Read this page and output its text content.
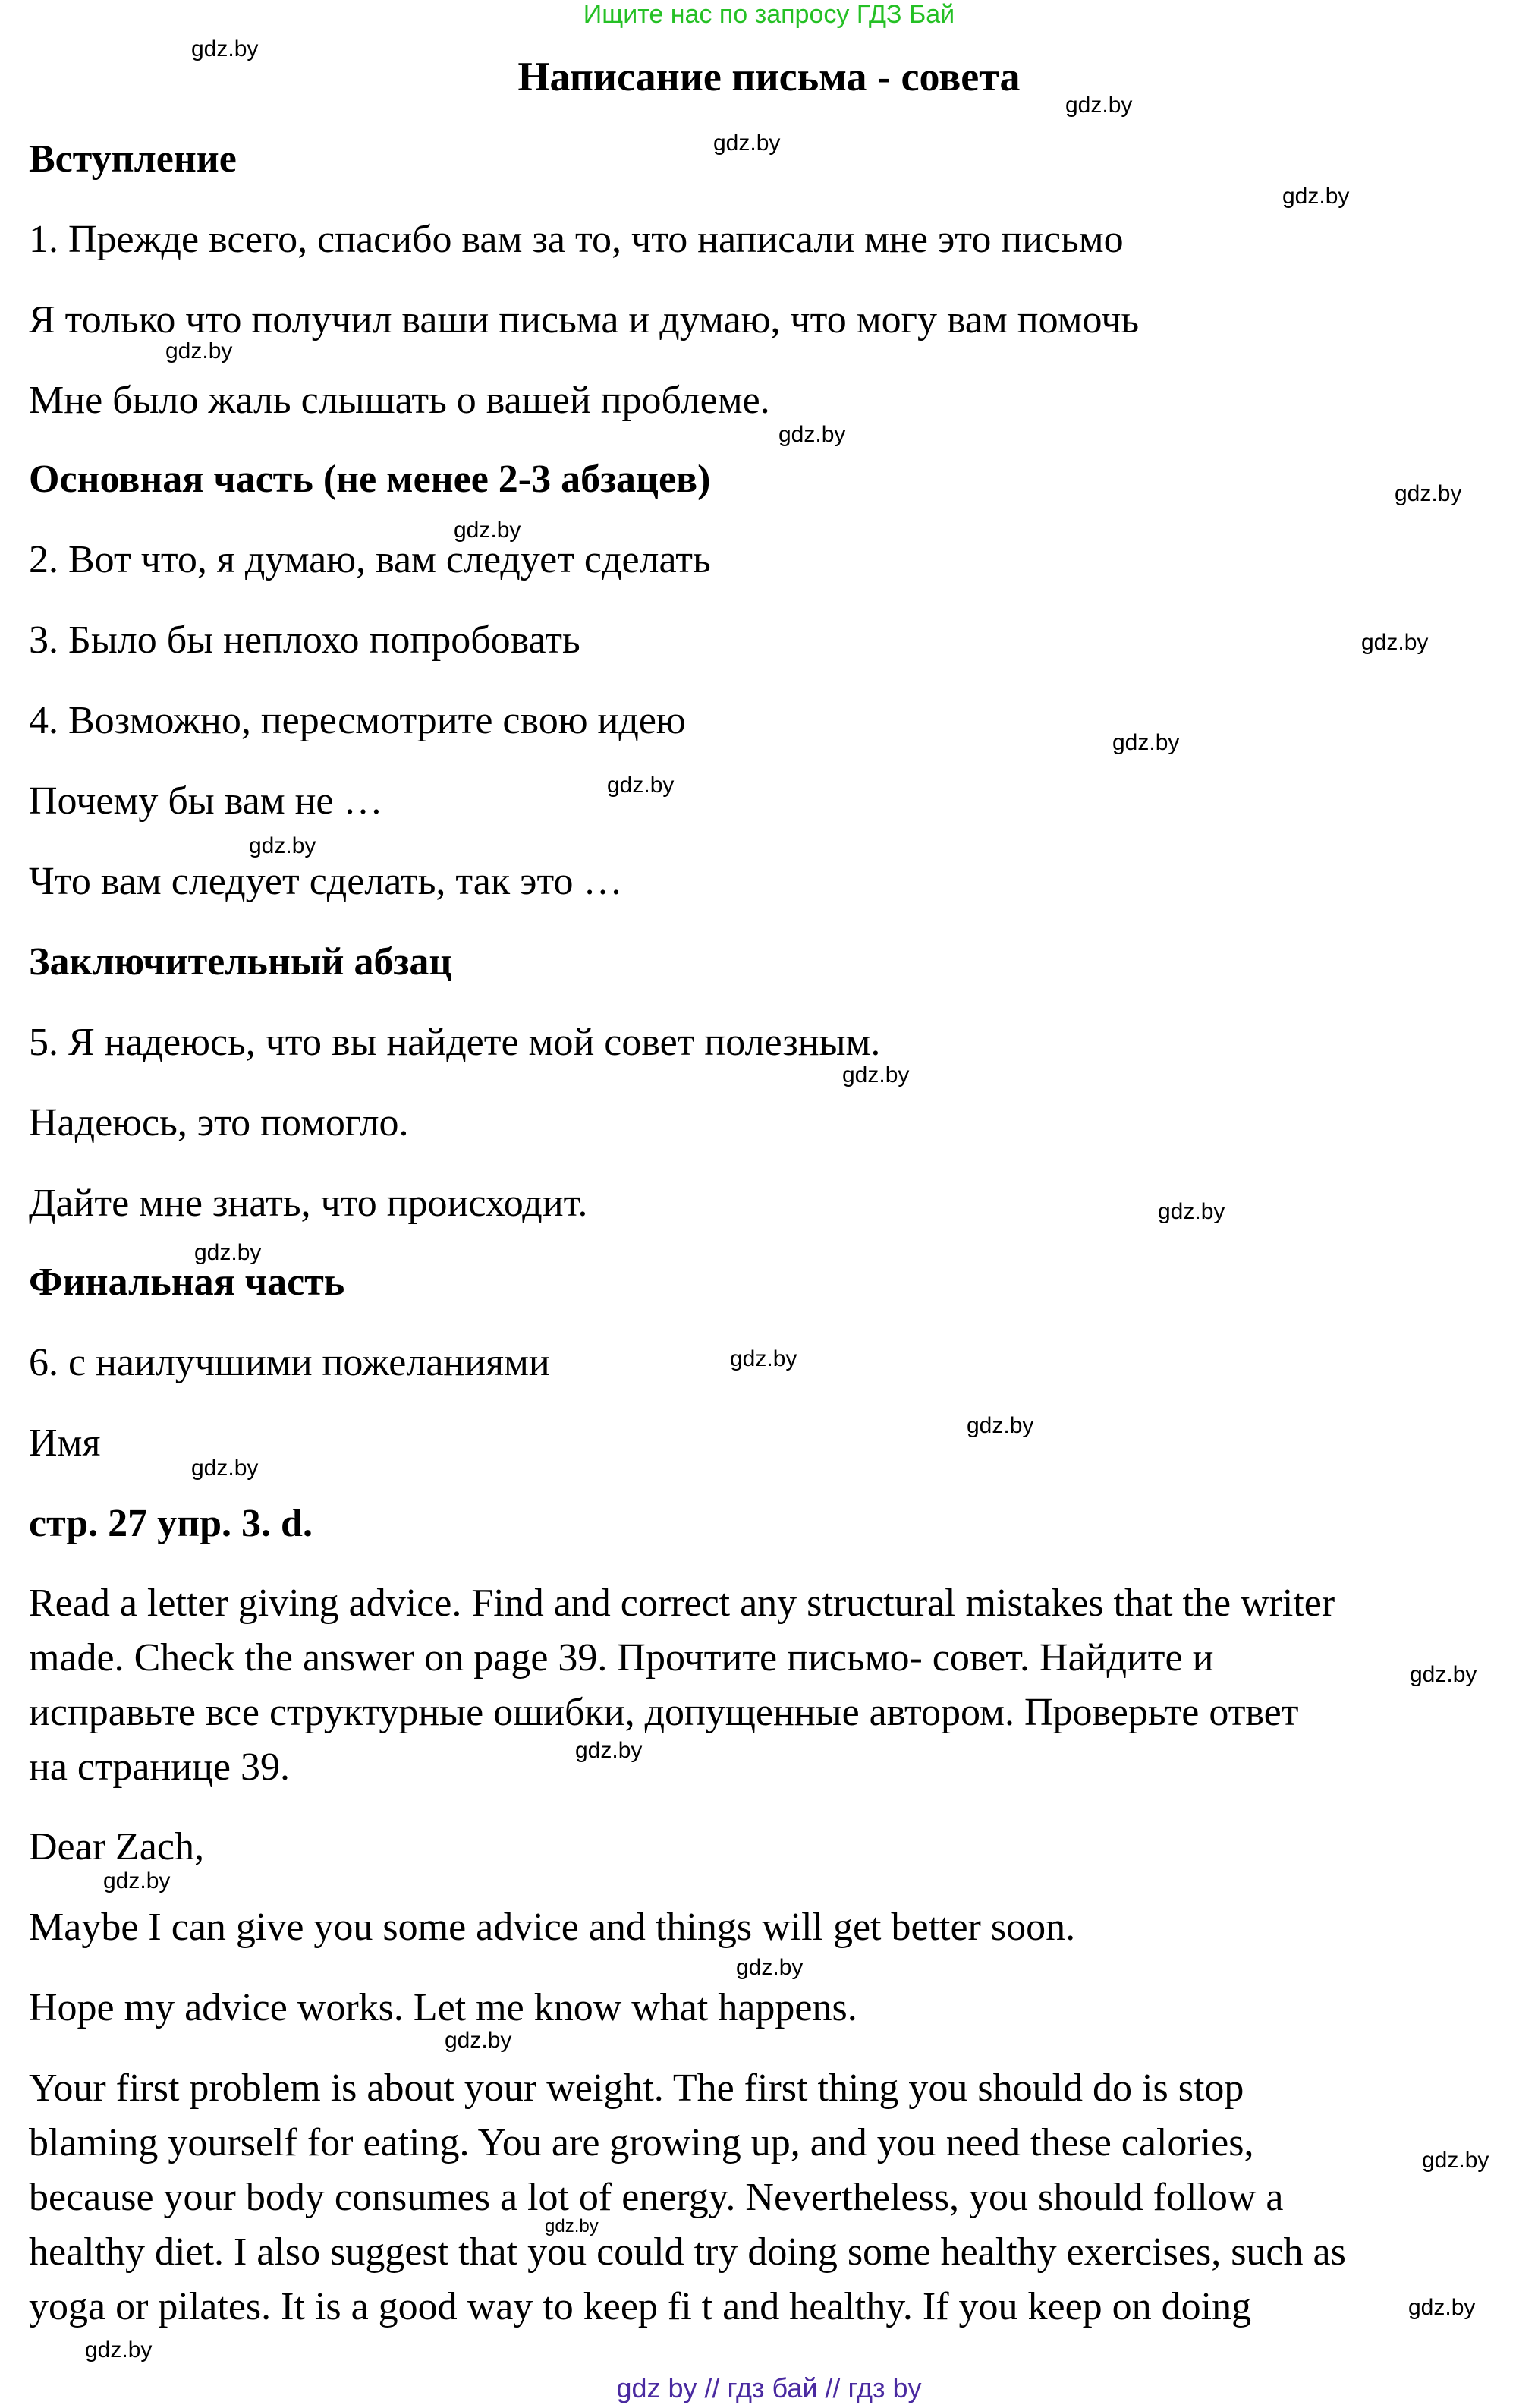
Ищите нас по запросу ГДЗ Бай
Написание письма - совета
Вступление
1. Прежде всего, спасибо вам за то, что написали мне это письмо
Я только что получил ваши письма и думаю, что могу вам помочь
Мне было жаль слышать о вашей проблеме.
Основная часть (не менее 2-3 абзацев)
2. Вот что, я думаю, вам следует сделать
3. Было бы неплохо попробовать
4. Возможно, пересмотрите свою идею
Почему бы вам не …
Что вам следует сделать, так это …
Заключительный абзац
5. Я надеюсь, что вы найдете мой совет полезным.
Надеюсь, это помогло.
Дайте мне знать, что происходит.
Финальная часть
6. с наилучшими пожеланиями
Имя
стр. 27 упр. 3. d.
Read a letter giving advice. Find and correct any structural mistakes that the writer
made. Check the answer on page 39. Прочтите письмо- совет. Найдите и
исправьте все структурные ошибки, допущенные автором. Проверьте ответ
на странице 39.
Dear Zach,
Maybe I can give you some advice and things will get better soon.
Hope my advice works. Let me know what happens.
Your first problem is about your weight. The first thing you should do is stop
blaming yourself for eating. You are growing up, and you need these calories,
because your body consumes a lot of energy. Nevertheless, you should follow a
healthy diet. I also suggest that you could try doing some healthy exercises, such as
yoga or pilates. It is a good way to keep fi t and healthy. If you keep on doing
gdz.by
gdz.by
gdz.by
gdz.by
gdz.by
gdz.by
gdz.by
gdz.by
gdz.by
gdz.by
gdz.by
gdz.by
gdz.by
gdz.by
gdz.by
gdz.by
gdz.by
gdz.by
gdz.by
gdz.by
gdz.by
gdz.by
gdz.by
gdz.by
gdz.by
gdz.by
gdz.by
gdz by // гдз бай // гдз by
